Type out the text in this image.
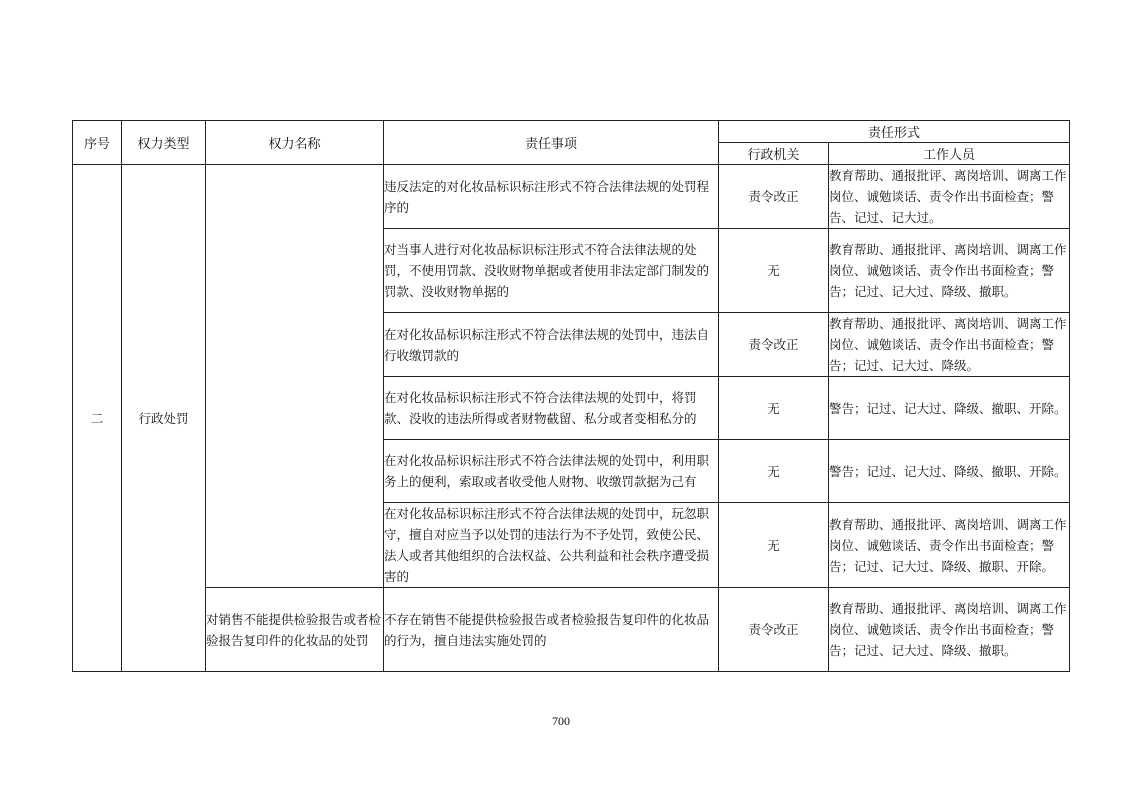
序号	权力类型	权力名称	责任事项	责任形式	
				行政机关	工作人员
二	行政处罚		违反法定的对化妆品标识标注形式不符合法律法规的处罚程序的	责令改正	教育帮助、通报批评、离岗培训、调离工作岗位、诚勉谈话、责令作出书面检查；警告、记过、记大过。
			对当事人进行对化妆品标识标注形式不符合法律法规的处罚，不使用罚款、没收财物单据或者使用非法定部门制发的罚款、没收财物单据的	无	教育帮助、通报批评、离岗培训、调离工作岗位、诚勉谈话、责令作出书面检查；警告；记过、记大过、降级、撤职。
			在对化妆品标识标注形式不符合法律法规的处罚中，违法自行收缴罚款的	责令改正	教育帮助、通报批评、离岗培训、调离工作岗位、诚勉谈话、责令作出书面检查；警告；记过、记大过、降级。
			在对化妆品标识标注形式不符合法律法规的处罚中，将罚款、没收的违法所得或者财物截留、私分或者变相私分的	无	警告；记过、记大过、降级、撤职、开除。
			在对化妆品标识标注形式不符合法律法规的处罚中，利用职务上的便利，索取或者收受他人财物、收缴罚款据为己有	无	警告；记过、记大过、降级、撤职、开除。
			在对化妆品标识标注形式不符合法律法规的处罚中，玩忽职守，擅自对应当予以处罚的违法行为不予处罚，致使公民、法人或者其他组织的合法权益、公共利益和社会秩序遭受损害的	无	教育帮助、通报批评、离岗培训、调离工作岗位、诚勉谈话、责令作出书面检查；警告；记过、记大过、降级、撤职、开除。
		对销售不能提供检验报告或者检验报告复印件的化妆品的处罚	不存在销售不能提供检验报告或者检验报告复印件的化妆品的行为，擅自违法实施处罚的	责令改正	教育帮助、通报批评、离岗培训、调离工作岗位、诚勉谈话、责令作出书面检查；警告；记过、记大过、降级、撤职。
700
